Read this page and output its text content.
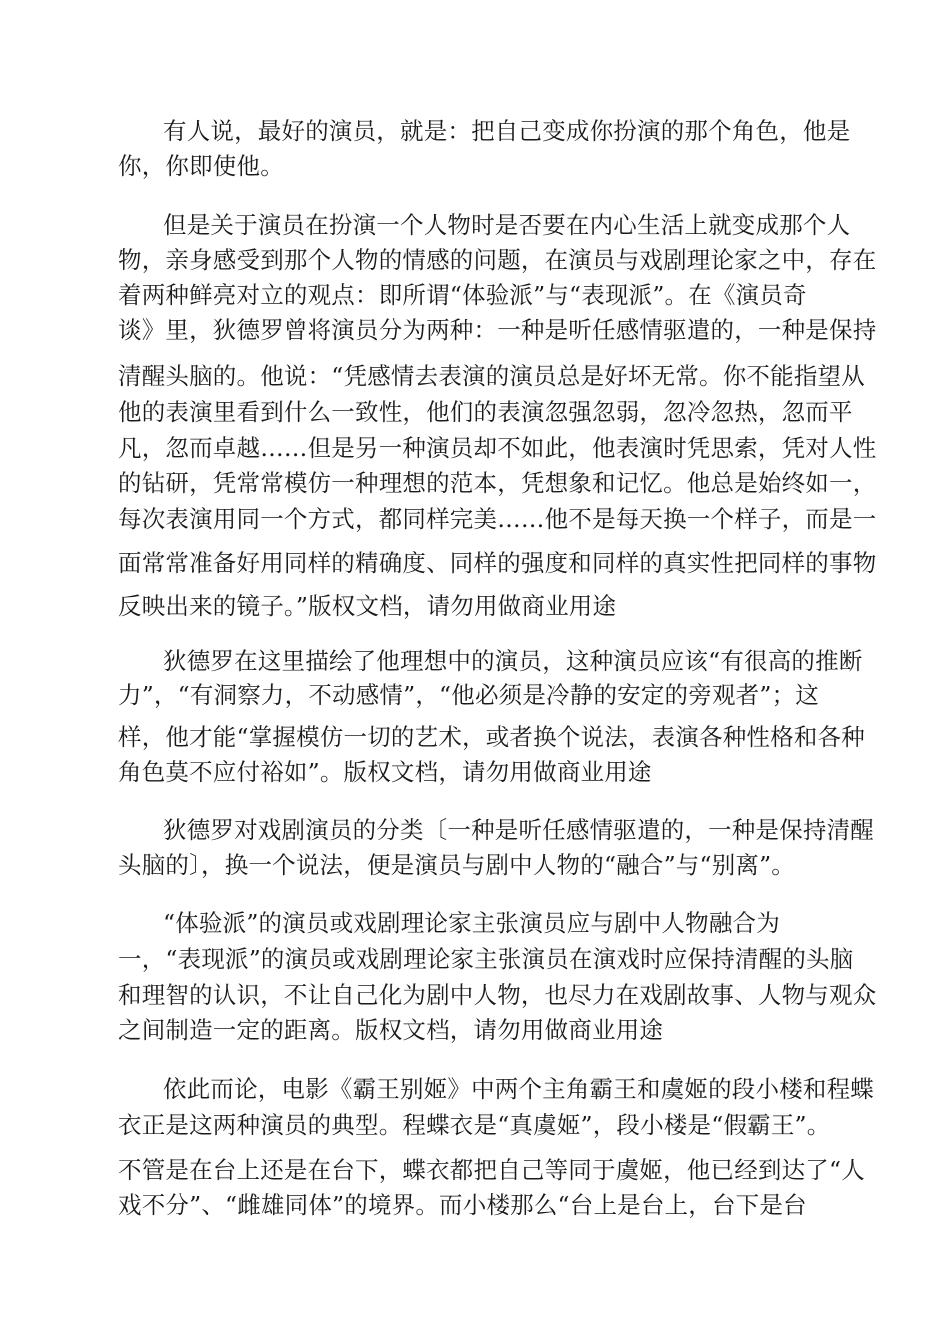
有人说，最好的演员，就是：把自己变成你扮演的那个角色，他是
你，你即使他。
但是关于演员在扮演一个人物时是否要在内心生活上就变成那个人
物，亲身感受到那个人物的情感的问题，在演员与戏剧理论家之中，存在
着两种鲜亮对立的观点：即所谓“体验派”与“表现派”。在《演员奇
谈》里，狄德罗曾将演员分为两种：一种是听任感情驱遣的，一种是保持
清醒头脑的。他说：“凭感情去表演的演员总是好坏无常。你不能指望从
他的表演里看到什么一致性，他们的表演忽强忽弱，忽冷忽热，忽而平
凡，忽而卓越……但是另一种演员却不如此，他表演时凭思索，凭对人性
的钻研，凭常常模仿一种理想的范本，凭想象和记忆。他总是始终如一，
每次表演用同一个方式，都同样完美……他不是每天换一个样子，而是一
面常常准备好用同样的精确度、同样的强度和同样的真实性把同样的事物
反映出来的镜子。”版权文档，请勿用做商业用途
狄德罗在这里描绘了他理想中的演员，这种演员应该“有很高的推断
力”，“有洞察力，不动感情”，“他必须是冷静的安定的旁观者”；这
样，他才能“掌握模仿一切的艺术，或者换个说法，表演各种性格和各种
角色莫不应付裕如”。版权文档，请勿用做商业用途
狄德罗对戏剧演员的分类〔一种是听任感情驱遣的，一种是保持清醒
头脑的〕，换一个说法，便是演员与剧中人物的“融合”与“别离”。
“体验派”的演员或戏剧理论家主张演员应与剧中人物融合为
一，“表现派”的演员或戏剧理论家主张演员在演戏时应保持清醒的头脑
和理智的认识，不让自己化为剧中人物，也尽力在戏剧故事、人物与观众
之间制造一定的距离。版权文档，请勿用做商业用途
依此而论，电影《霸王别姬》中两个主角霸王和虞姬的段小楼和程蝶
衣正是这两种演员的典型。程蝶衣是“真虞姬”，段小楼是“假霸王”。
不管是在台上还是在台下，蝶衣都把自己等同于虞姬，他已经到达了“人
戏不分”、“雌雄同体”的境界。而小楼那么“台上是台上，台下是台
